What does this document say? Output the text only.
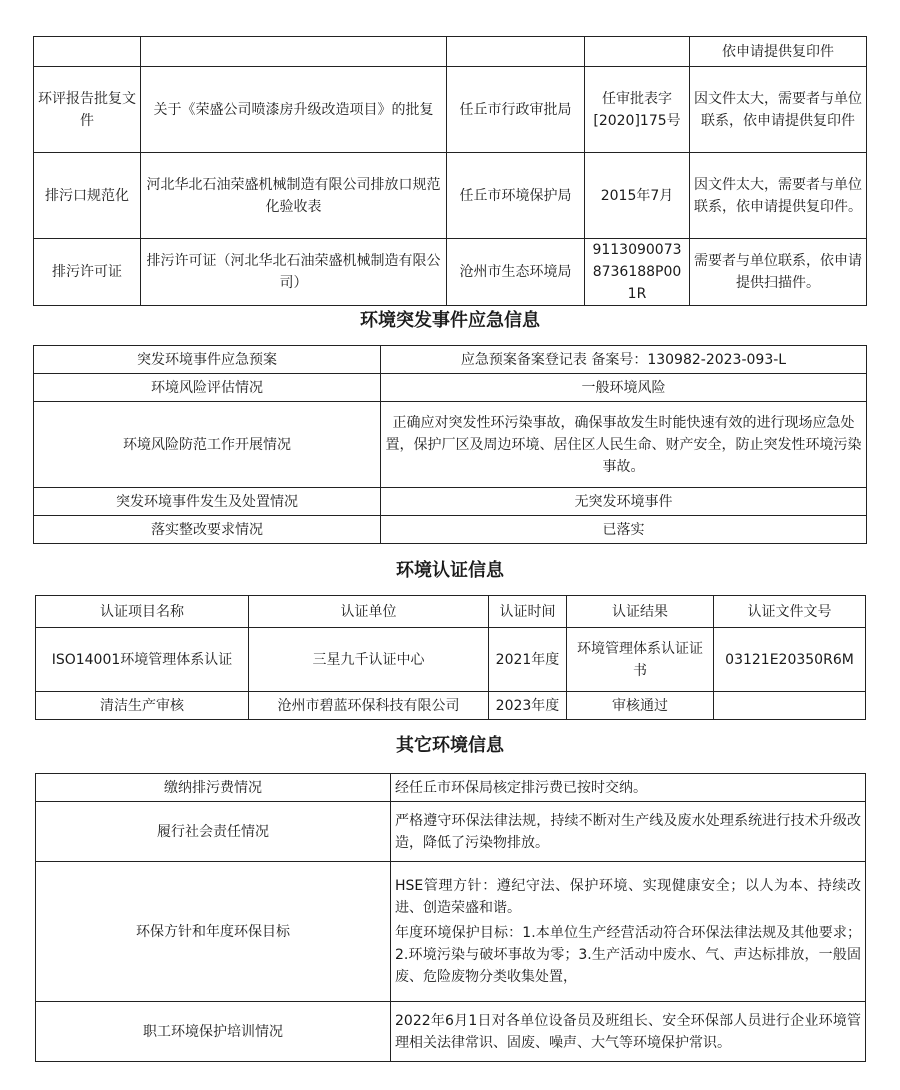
				依申请提供复印件
环评报告批复文件	关于《荣盛公司喷漆房升级改造项目》的批复	任丘市行政审批局	任审批表字[2020]175号	因文件太大，需要者与单位联系，依申请提供复印件
排污口规范化	河北华北石油荣盛机械制造有限公司排放口规范化验收表	任丘市环境保护局	2015年7月	因文件太大，需要者与单位联系，依申请提供复印件。
排污许可证	排污许可证（河北华北石油荣盛机械制造有限公司）	沧州市生态环境局	91130900738736188P001R	需要者与单位联系，依申请提供扫描件。
环境突发事件应急信息
突发环境事件应急预案	应急预案备案登记表 备案号：130982-2023-093-L
环境风险评估情况	一般环境风险
环境风险防范工作开展情况	正确应对突发性环污染事故，确保事故发生时能快速有效的进行现场应急处置，保护厂区及周边环境、居住区人民生命、财产安全，防止突发性环境污染事故。
突发环境事件发生及处置情况	无突发环境事件
落实整改要求情况	已落实
环境认证信息
认证项目名称	认证单位	认证时间	认证结果	认证文件文号
ISO14001环境管理体系认证	三星九千认证中心	2021年度	环境管理体系认证证书	03121E20350R6M
清洁生产审核	沧州市碧蓝环保科技有限公司	2023年度	审核通过	
其它环境信息
缴纳排污费情况	经任丘市环保局核定排污费已按时交纳。
履行社会责任情况	严格遵守环保法律法规，持续不断对生产线及废水处理系统进行技术升级改造，降低了污染物排放。
环保方针和年度环保目标	HSE管理方针：遵纪守法、保护环境、实现健康安全；以人为本、持续改进、创造荣盛和谐。
年度环境保护目标：1.本单位生产经营活动符合环保法律法规及其他要求；2.环境污染与破坏事故为零；3.生产活动中废水、气、声达标排放，一般固废、危险废物分类收集处置，

职工环境保护培训情况	2022年6月1日对各单位设备员及班组长、安全环保部人员进行企业环境管理相关法律常识、固废、噪声、大气等环境保护常识。
